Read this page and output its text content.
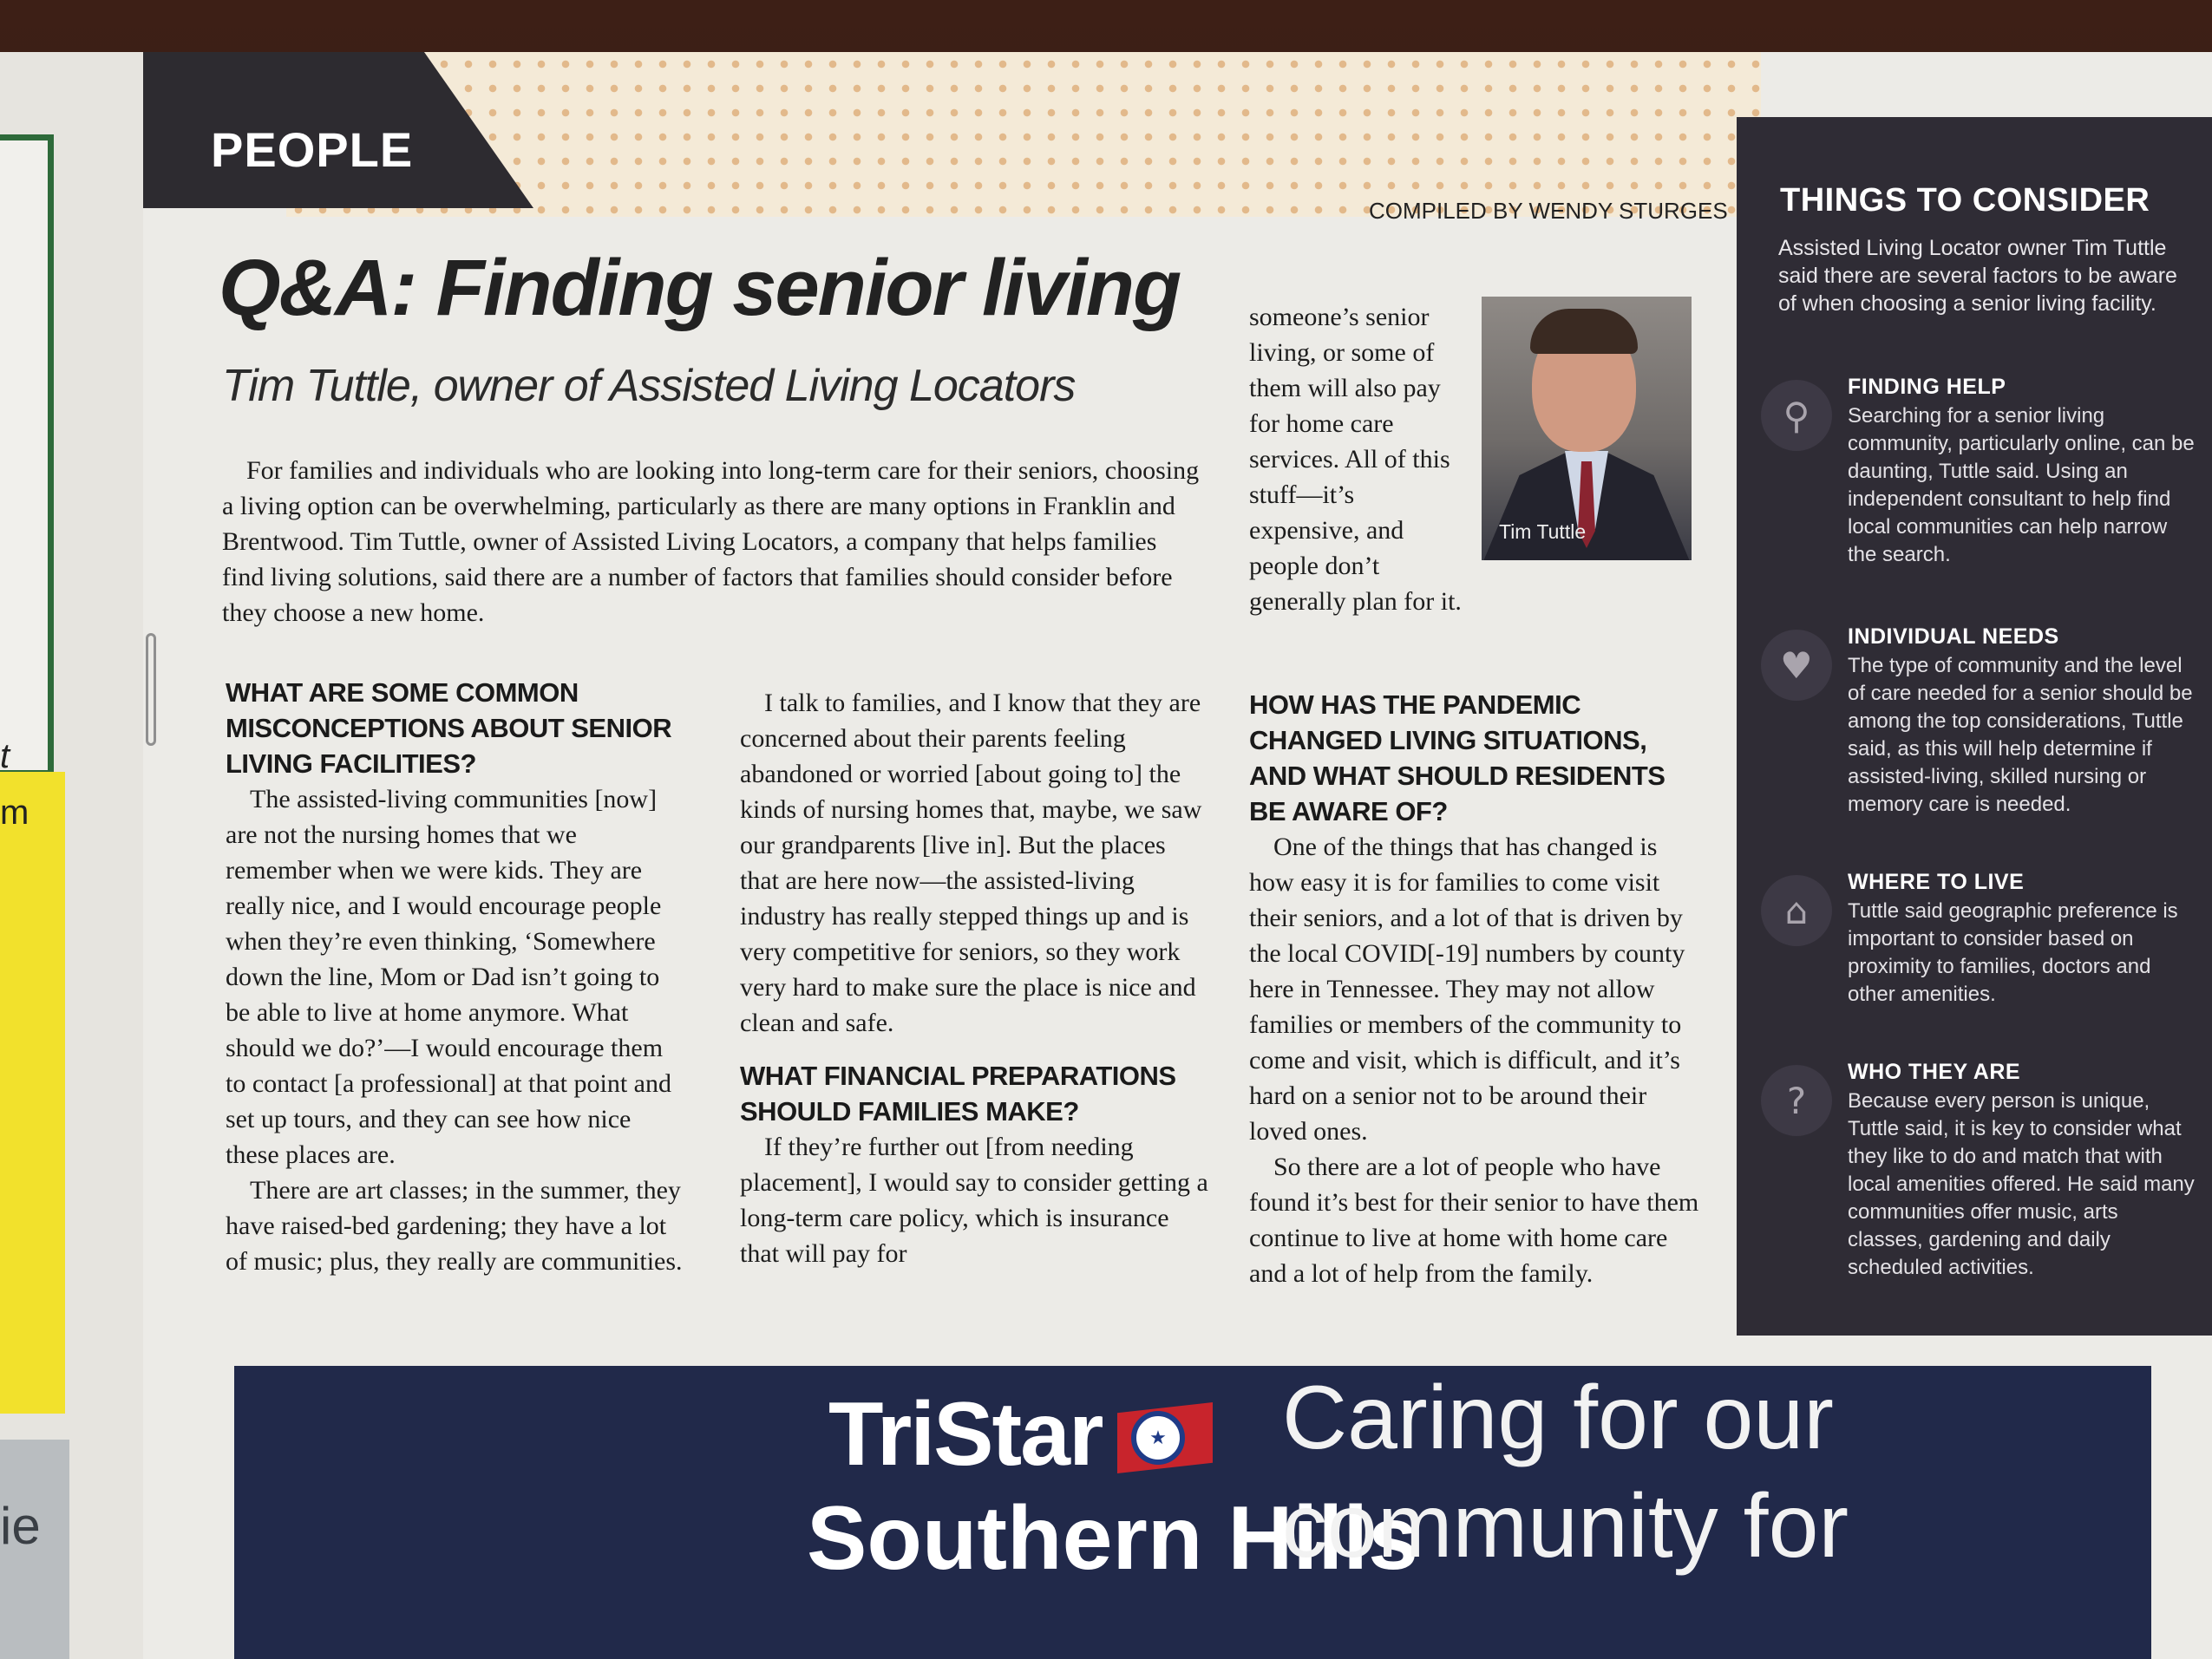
t
m
ie
PEOPLE
COMPILED BY WENDY STURGES
Q&A: Finding senior living
Tim Tuttle, owner of Assisted Living Locators

For families and individuals who are looking into long-term care for their seniors, choosing a living option can be overwhelming, particularly as there are many options in Franklin and Brentwood. Tim Tuttle, owner of Assisted Living Locators, a company that helps families find living solutions, said there are a number of factors that families should consider before they choose a new home.

WHAT ARE SOME COMMON MISCONCEPTIONS ABOUT SENIOR LIVING FACILITIES?

The assisted-living communities [now] are not the nursing homes that we remember when we were kids. They are really nice, and I would encourage people when they’re even thinking, ‘Somewhere down the line, Mom or Dad isn’t going to be able to live at home anymore. What should we do?’—I would encourage them to contact [a professional] at that point and set up tours, and they can see how nice these places are.

There are art classes; in the summer, they have raised-bed gardening; they have a lot of music; plus, they really are communities.

I talk to families, and I know that they are concerned about their parents feeling abandoned or worried [about going to] the kinds of nursing homes that, maybe, we saw our grandparents [live in]. But the places that are here now—the assisted-living industry has really stepped things up and is very competitive for seniors, so they work very hard to make sure the place is nice and clean and safe.

WHAT FINANCIAL PREPARATIONS SHOULD FAMILIES MAKE?

If they’re further out [from needing placement], I would say to consider getting a long-term care policy, which is insurance that will pay for

someone’s senior living, or some of them will also pay for home care services. All of this stuff—it’s expensive, and people don’t generally plan for it.

Tim Tuttle
HOW HAS THE PANDEMIC CHANGED LIVING SITUATIONS, AND WHAT SHOULD RESIDENTS BE AWARE OF?

One of the things that has changed is how easy it is for families to come visit their seniors, and a lot of that is driven by the local COVID[-19] numbers by county here in Tennessee. They may not allow families or members of the community to come and visit, which is difficult, and it’s hard on a senior not to be around their loved ones.

So there are a lot of people who have found it’s best for their senior to have them continue to live at home with home care and a lot of help from the family.

THINGS TO CONSIDER
Assisted Living Locator owner Tim Tuttle said there are several factors to be aware of when choosing a senior living facility.
⚲
FINDING HELP
Searching for a senior living community, particularly online, can be daunting, Tuttle said. Using an independent consultant to help find local communities can help narrow the search.
♥
INDIVIDUAL NEEDS
The type of community and the level of care needed for a senior should be among the top considerations, Tuttle said, as this will help determine if assisted-living, skilled nursing or memory care is needed.
⌂
WHERE TO LIVE
Tuttle said geographic preference is important to consider based on proximity to families, doctors and other amenities.
?
WHO THEY ARE
Because every person is unique, Tuttle said, it is key to consider what they like to do and match that with local amenities offered. He said many communities offer music, arts classes, gardening and daily scheduled activities.
TriStar	★
Southern Hills
Caring for our
community for
